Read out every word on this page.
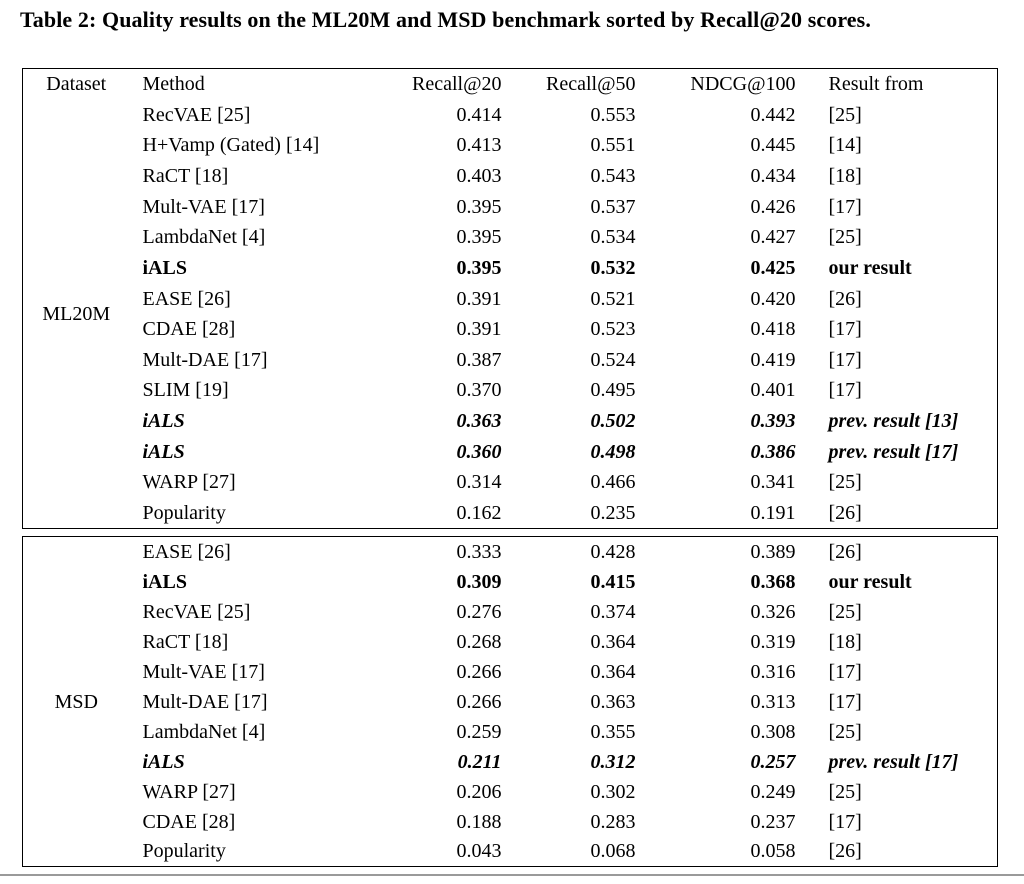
Table 2: Quality results on the ML20M and MSD benchmark sorted by Recall@20 scores.
Dataset	Method	Recall@20	Recall@50	NDCG@100	Result from
ML20M	RecVAE [25]	0.414	0.553	0.442	[25]
	H+Vamp (Gated) [14]	0.413	0.551	0.445	[14]
	RaCT [18]	0.403	0.543	0.434	[18]
	Mult-VAE [17]	0.395	0.537	0.426	[17]
	LambdaNet [4]	0.395	0.534	0.427	[25]
	iALS	0.395	0.532	0.425	our result
	EASE [26]	0.391	0.521	0.420	[26]
	CDAE [28]	0.391	0.523	0.418	[17]
	Mult-DAE [17]	0.387	0.524	0.419	[17]
	SLIM [19]	0.370	0.495	0.401	[17]
	iALS	0.363	0.502	0.393	prev. result [13]
	iALS	0.360	0.498	0.386	prev. result [17]
	WARP [27]	0.314	0.466	0.341	[25]
	Popularity	0.162	0.235	0.191	[26]
MSD	EASE [26]	0.333	0.428	0.389	[26]
	iALS	0.309	0.415	0.368	our result
	RecVAE [25]	0.276	0.374	0.326	[25]
	RaCT [18]	0.268	0.364	0.319	[18]
	Mult-VAE [17]	0.266	0.364	0.316	[17]
	Mult-DAE [17]	0.266	0.363	0.313	[17]
	LambdaNet [4]	0.259	0.355	0.308	[25]
	iALS	0.211	0.312	0.257	prev. result [17]
	WARP [27]	0.206	0.302	0.249	[25]
	CDAE [28]	0.188	0.283	0.237	[17]
	Popularity	0.043	0.068	0.058	[26]
